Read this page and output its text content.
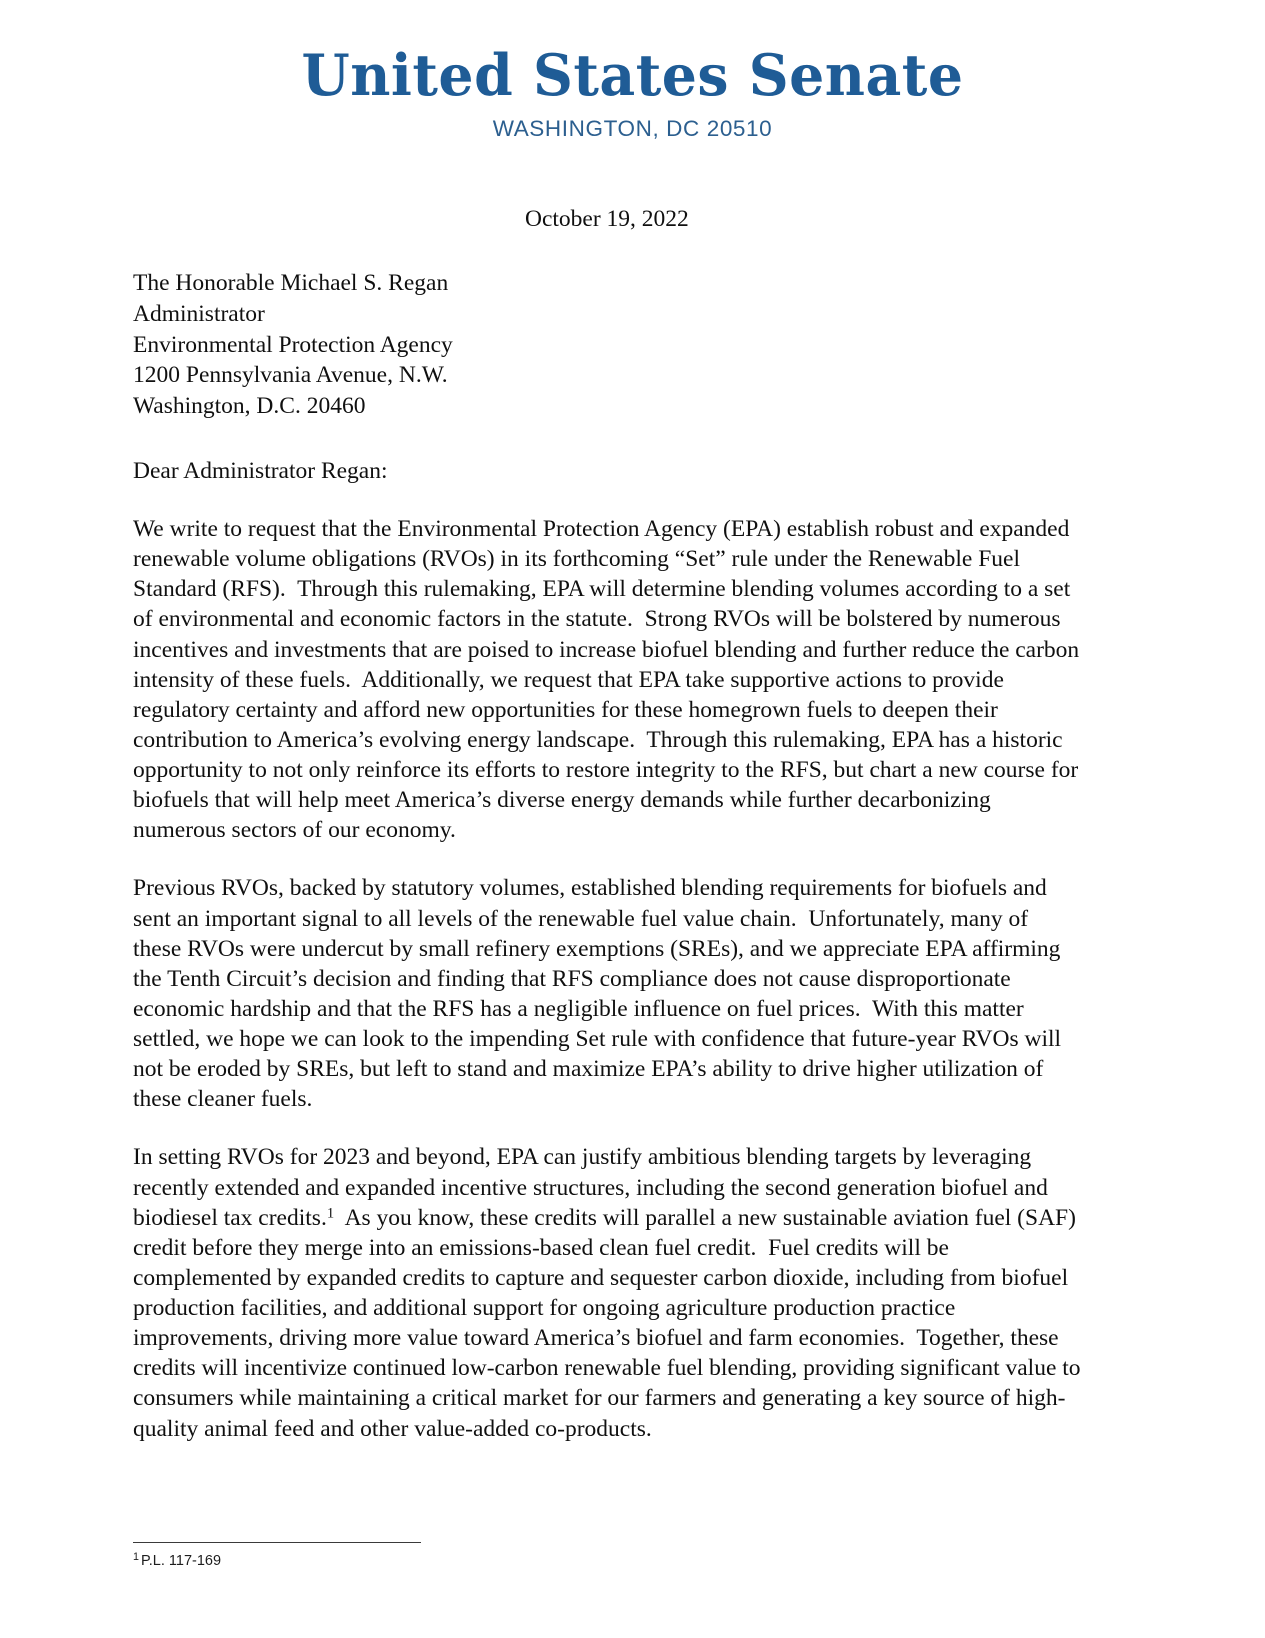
United States Senate
WASHINGTON, DC 20510
October 19, 2022
The Honorable Michael S. Regan
Administrator
Environmental Protection Agency
1200 Pennsylvania Avenue, N.W.
Washington, D.C. 20460
Dear Administrator Regan:
We write to request that the Environmental Protection Agency (EPA) establish robust and expanded renewable volume obligations (RVOs) in its forthcoming “Set” rule under the Renewable Fuel Standard (RFS).  Through this rulemaking, EPA will determine blending volumes according to a set of environmental and economic factors in the statute.  Strong RVOs will be bolstered by numerous incentives and investments that are poised to increase biofuel blending and further reduce the carbon intensity of these fuels.  Additionally, we request that EPA take supportive actions to provide regulatory certainty and afford new opportunities for these homegrown fuels to deepen their contribution to America’s evolving energy landscape.  Through this rulemaking, EPA has a historic opportunity to not only reinforce its efforts to restore integrity to the RFS, but chart a new course for biofuels that will help meet America’s diverse energy demands while further decarbonizing numerous sectors of our economy.
Previous RVOs, backed by statutory volumes, established blending requirements for biofuels and sent an important signal to all levels of the renewable fuel value chain.  Unfortunately, many of these RVOs were undercut by small refinery exemptions (SREs), and we appreciate EPA affirming the Tenth Circuit’s decision and finding that RFS compliance does not cause disproportionate economic hardship and that the RFS has a negligible influence on fuel prices.  With this matter settled, we hope we can look to the impending Set rule with confidence that future-year RVOs will not be eroded by SREs, but left to stand and maximize EPA’s ability to drive higher utilization of these cleaner fuels.
In setting RVOs for 2023 and beyond, EPA can justify ambitious blending targets by leveraging recently extended and expanded incentive structures, including the second generation biofuel and biodiesel tax credits.$^1$  As you know, these credits will parallel a new sustainable aviation fuel (SAF) credit before they merge into an emissions-based clean fuel credit.  Fuel credits will be complemented by expanded credits to capture and sequester carbon dioxide, including from biofuel production facilities, and additional support for ongoing agriculture production practice improvements, driving more value toward America’s biofuel and farm economies.  Together, these credits will incentivize continued low-carbon renewable fuel blending, providing significant value to consumers while maintaining a critical market for our farmers and generating a key source of high-quality animal feed and other value-added co-products.
$^1$ P.L. 117-169
